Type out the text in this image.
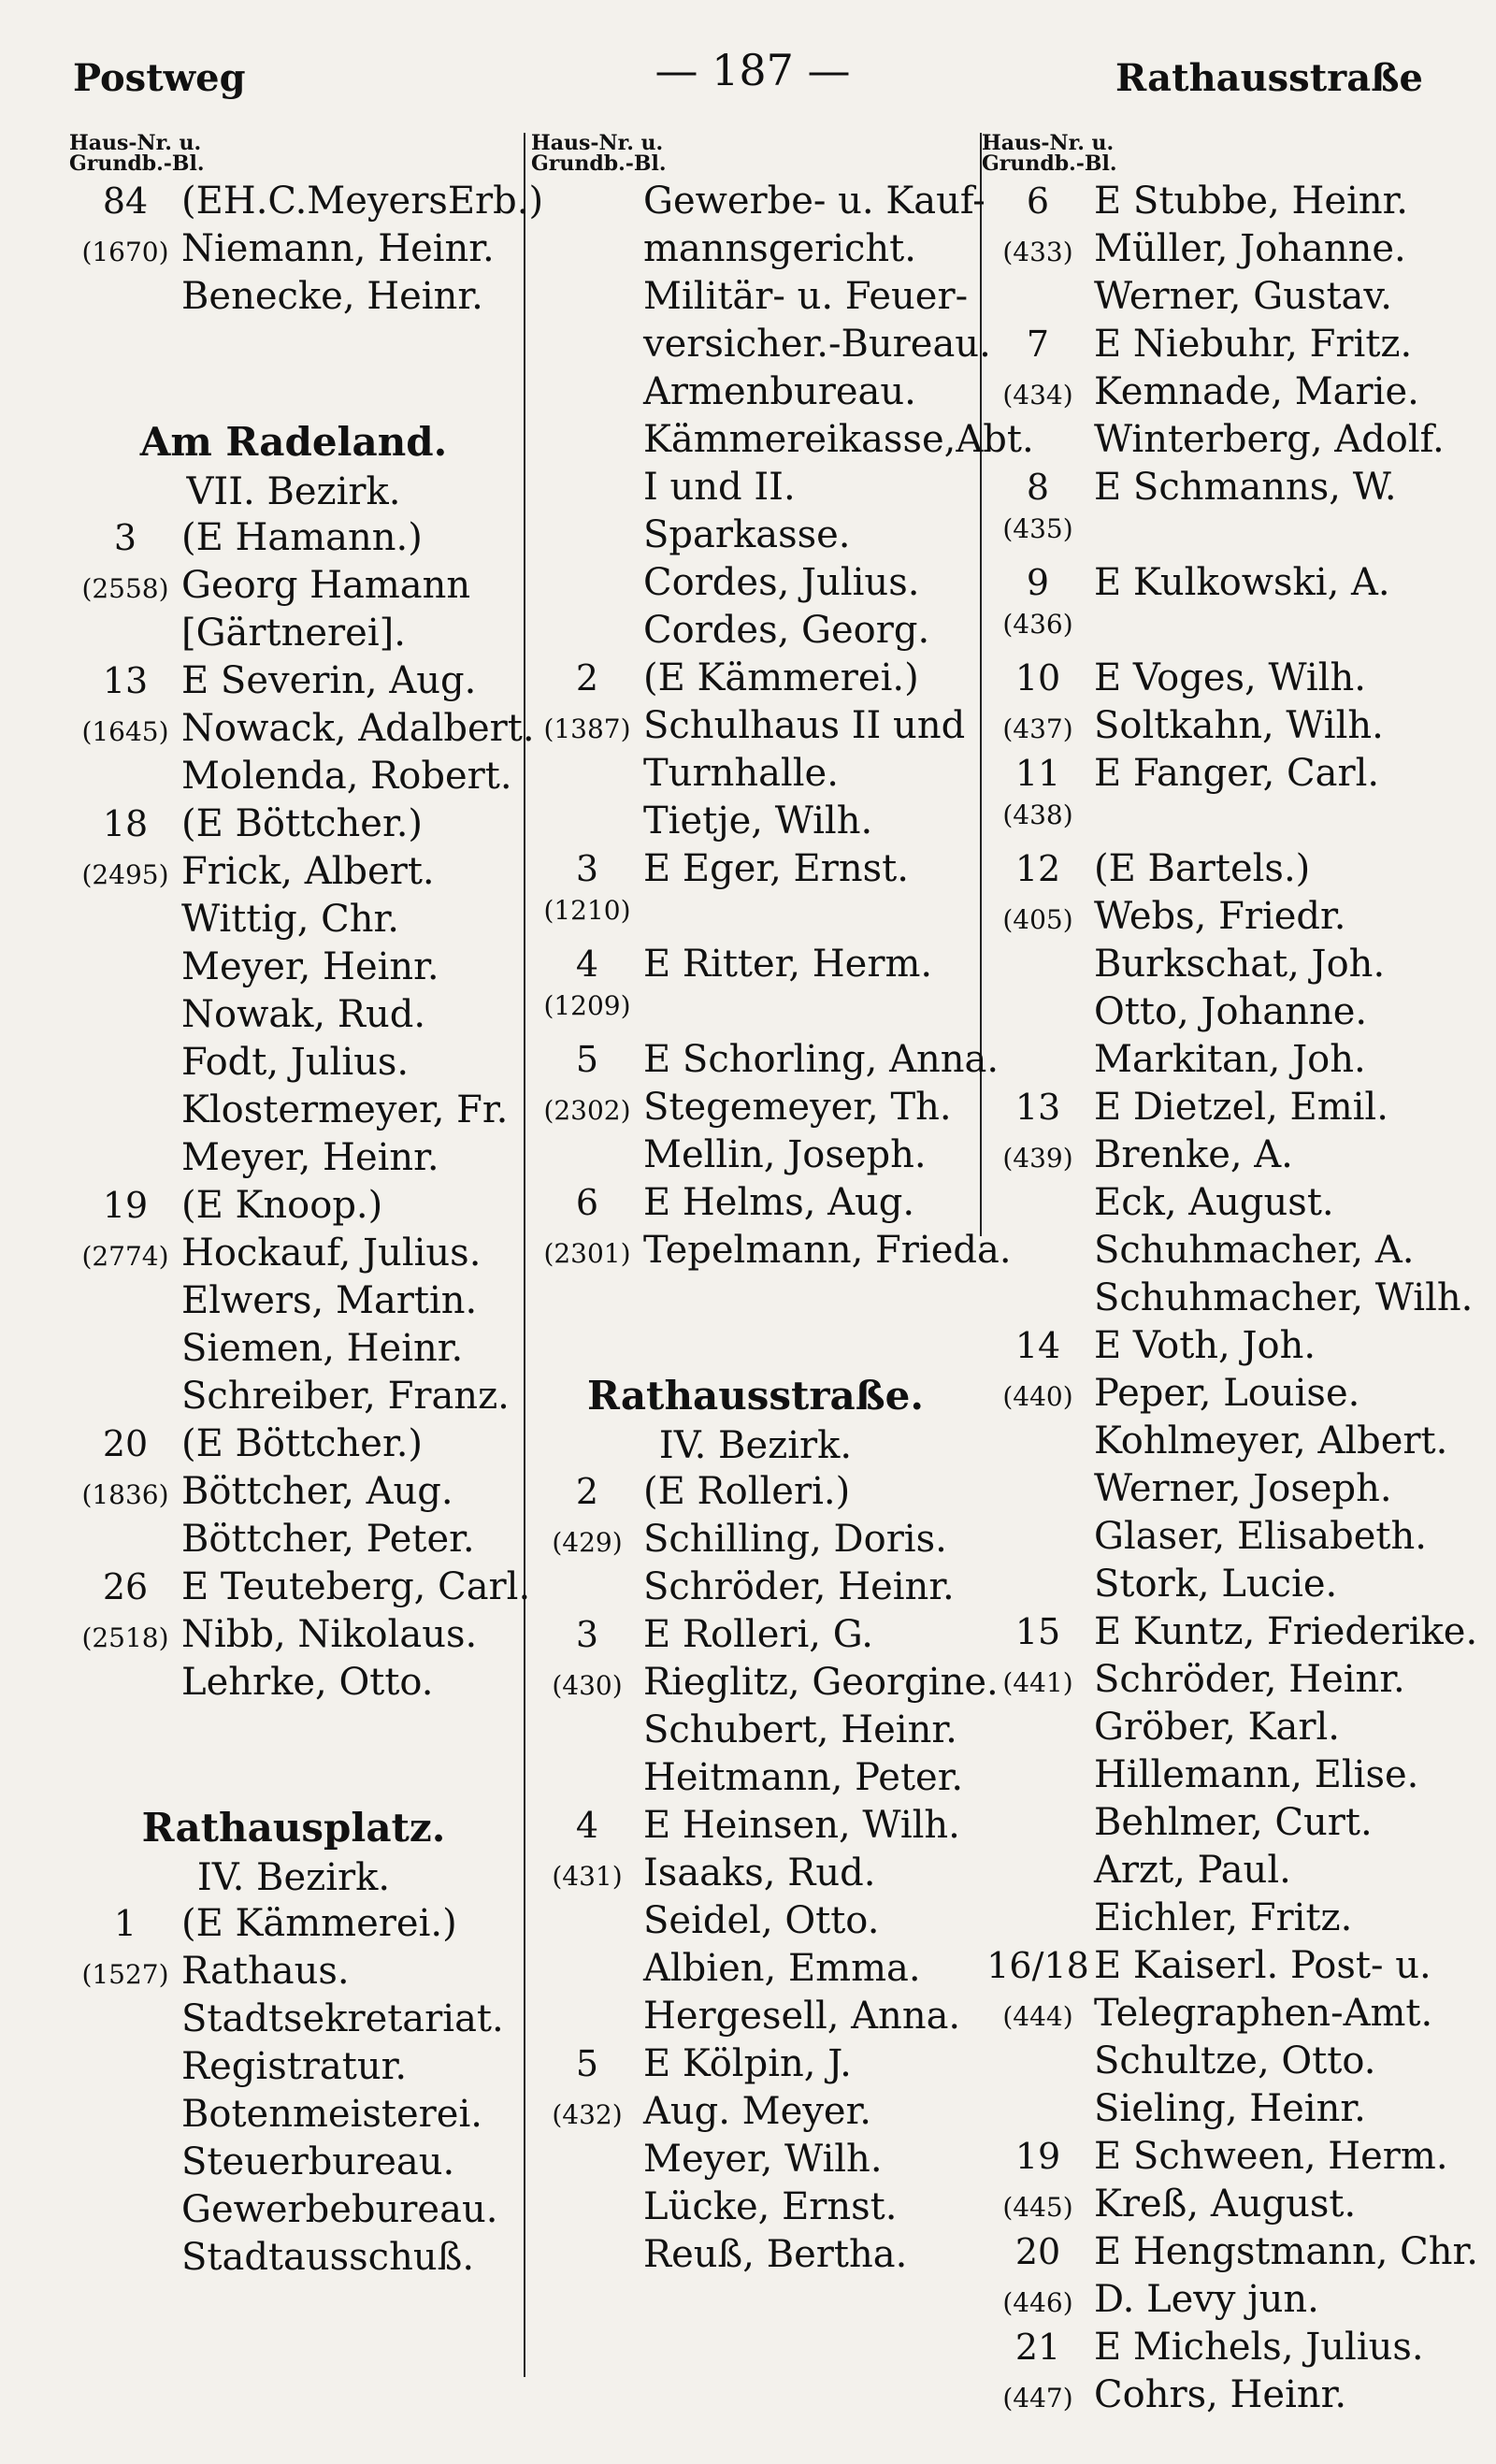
Postweg	— 187 —	Rathausstraße
Haus-Nr. u.
Grundb.-Bl.
84 (EH.C.MeyersErb.)
(1670) Niemann, Heinr.
Benecke, Heinr.
Am Radeland.
VII. Bezirk.
3	(E Hamann.)
(2558) Georg Hamann
[Gärtnerei].
13 E Severin, Aug.
(1645) Nowack, Adalbert.
Molenda, Robert.
18 (E Böttcher.)
(2495) Frick, Albert.
Wittig, Chr.
Meyer, Heinr.
Nowak, Rud.
Fodt, Julius.
Klostermeyer, Fr.
Meyer, Heinr.
19 (E Knoop.)
(2774) Hockauf, Julius.
Elwers, Martin.
Siemen, Heinr.
Schreiber, Franz.
20 (E Böttcher.)
(1836) Böttcher, Aug.
Böttcher, Peter.
26 E Teuteberg, Carl.
(2518) Nibb, Nikolaus.
Lehrke, Otto.
Rathausplatz.
IV. Bezirk.
1	(E Kämmerei.)
(1527) Rathaus.
Stadtsekretariat.
Registratur.
Botenmeisterei.
Steuerbureau.
Gewerbebureau.
Stadtausschuß.
Haus-Nr. u.
Grundb.-Bl.
Gewerbe- u. Kauf-
mannsgericht.
Militär- u. Feuer-
versicher.-Bureau.
Armenbureau.
Kämmereikasse,Abt.
I und II.
Sparkasse.
Cordes, Julius.
Cordes, Georg.
2	(E Kämmerei.)
(1387) Schulhaus II und
Turnhalle.
Tietje, Wilh.
3	E Eger, Ernst.
(1210)
4	E Ritter, Herm.
(1209)
5	E Schorling, Anna.
(2302) Stegemeyer, Th.
Mellin, Joseph.
6	E Helms, Aug.
(2301) Tepelmann, Frieda.
Rathausstraße.
IV. Bezirk.
2	(E Rolleri.)
(429) Schilling, Doris.
Schröder, Heinr.
3	E Rolleri, G.
(430) Rieglitz, Georgine.
Schubert, Heinr.
Heitmann, Peter.
4	E Heinsen, Wilh.
(431) Isaaks, Rud.
Seidel, Otto.
Albien, Emma.
Hergesell, Anna.
5	E Kölpin, J.
(432) Aug. Meyer.
Meyer, Wilh.
Lücke, Ernst.
Reuß, Bertha.
Haus-Nr. u.
Grundb.-Bl.
6	E Stubbe, Heinr.
(433) Müller, Johanne.
Werner, Gustav.
7	E Niebuhr, Fritz.
(434) Kemnade, Marie.
Winterberg, Adolf.
8	E Schmanns, W.
(435)
9	E Kulkowski, A.
(436)
10 E Voges, Wilh.
(437) Soltkahn, Wilh.
11 E Fanger, Carl.
(438)
12 (E Bartels.)
(405) Webs, Friedr.
Burkschat, Joh.
Otto, Johanne.
Markitan, Joh.
13 E Dietzel, Emil.
(439) Brenke, A.
Eck, August.
Schuhmacher, A.
Schuhmacher, Wilh.
14 E Voth, Joh.
(440) Peper, Louise.
Kohlmeyer, Albert.
Werner, Joseph.
Glaser, Elisabeth.
Stork, Lucie.
15 E Kuntz, Friederike.
(441) Schröder, Heinr.
Gröber, Karl.
Hillemann, Elise.
Behlmer, Curt.
Arzt, Paul.
Eichler, Fritz.
16/18 E Kaiserl. Post- u.
(444) Telegraphen-Amt.
Schultze, Otto.
Sieling, Heinr.
19 E Schween, Herm.
(445) Kreß, August.
20 E Hengstmann, Chr.
(446) D. Levy jun.
21 E Michels, Julius.
(447) Cohrs, Heinr.
